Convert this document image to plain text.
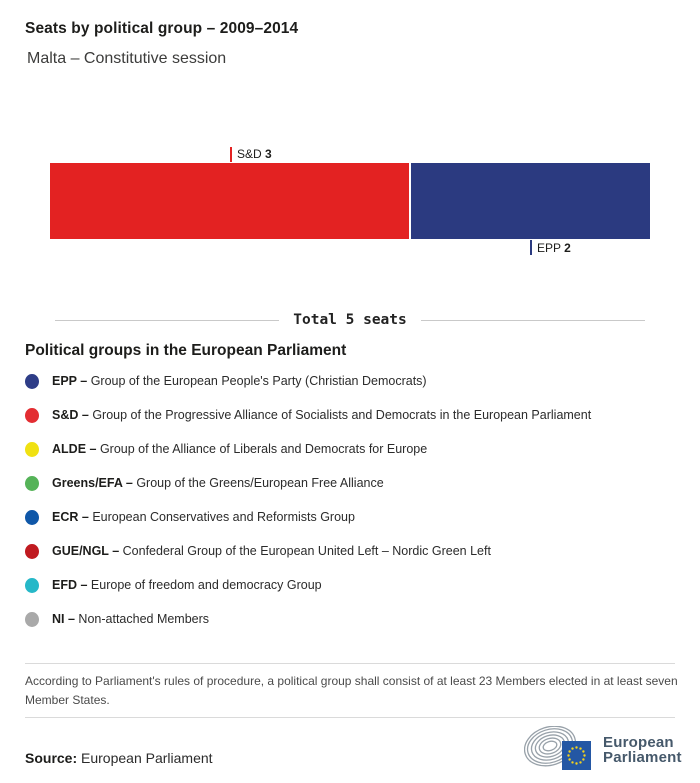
Seats by political group – 2009–2014
Malta – Constitutive session
S&D 3
EPP 2
Total 5 seats
Political groups in the European Parliament
EPP – Group of the European People's Party (Christian Democrats)
S&D – Group of the Progressive Alliance of Socialists and Democrats in the European Parliament
ALDE – Group of the Alliance of Liberals and Democrats for Europe
Greens/EFA – Group of the Greens/European Free Alliance
ECR – European Conservatives and Reformists Group
GUE/NGL – Confederal Group of the European United Left – Nordic Green Left
EFD – Europe of freedom and democracy Group
NI – Non-attached Members
According to Parliament's rules of procedure, a political group shall consist of at least 23 Members elected in at least seven Member States.
Source: European Parliament
European
Parliament
